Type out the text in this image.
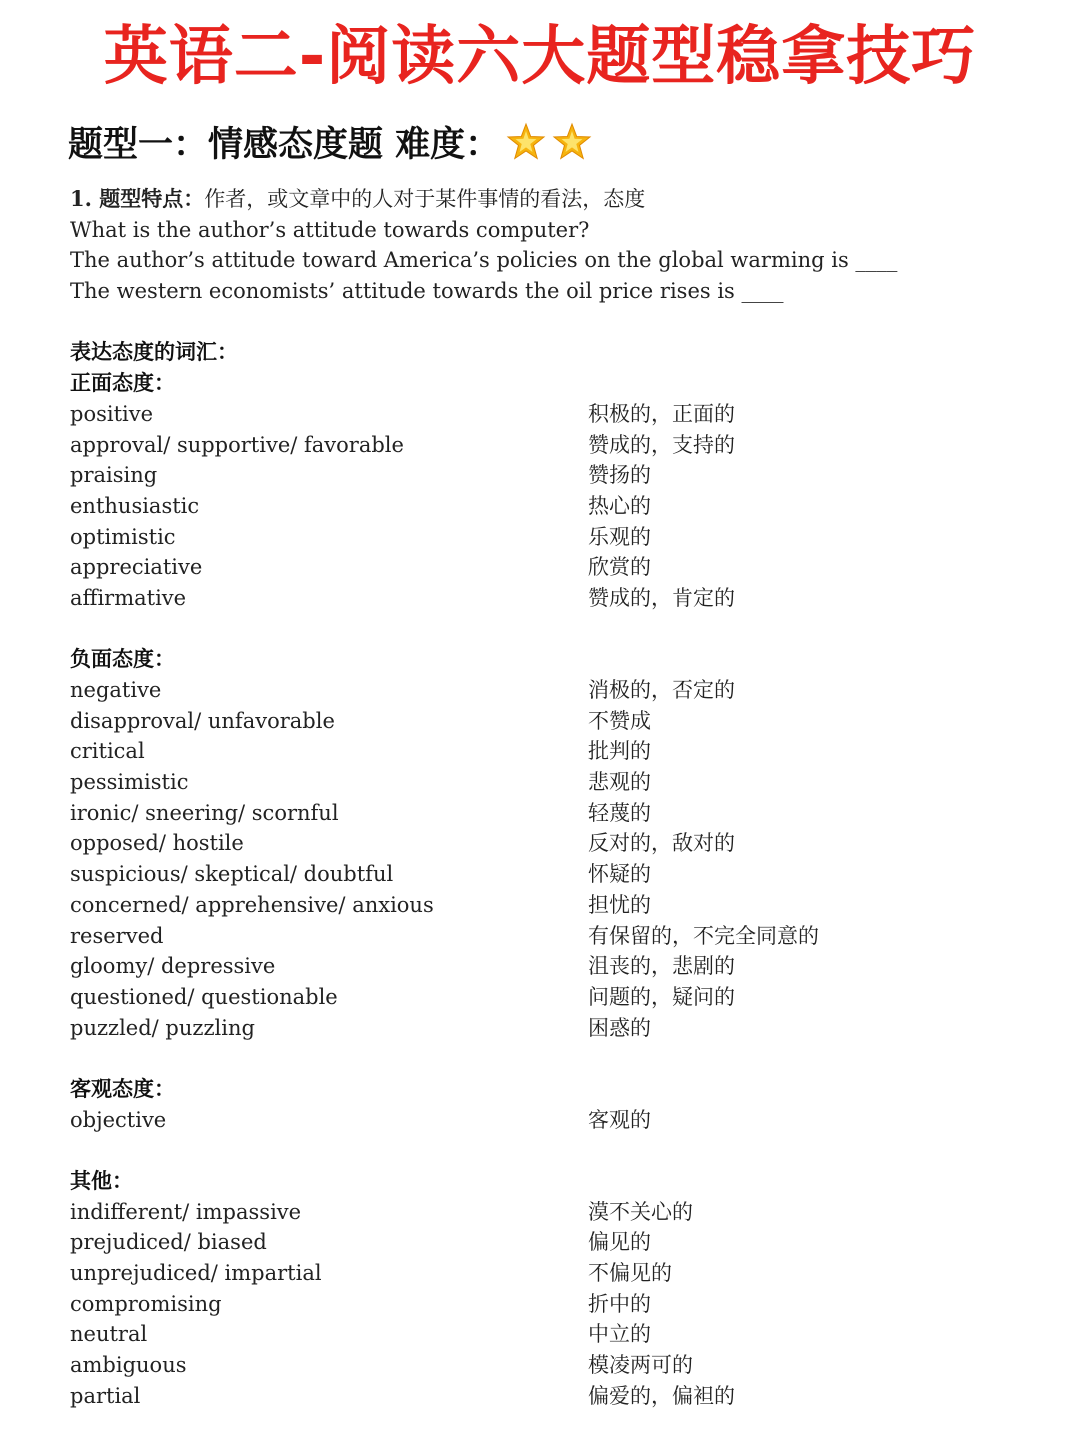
英语二-阅读六大题型稳拿技巧
题型一：情感态度题 难度：
1. 题型特点：作者，或文章中的人对于某件事情的看法，态度
What is the author’s attitude towards computer?
The author’s attitude toward America’s policies on the global warming is ____
The western economists’ attitude towards the oil price rises is ____
表达态度的词汇：
正面态度：
positive	积极的，正面的
approval/ supportive/ favorable	赞成的，支持的
praising	赞扬的
enthusiastic	热心的
optimistic	乐观的
appreciative	欣赏的
affirmative	赞成的，肯定的
负面态度：
negative	消极的，否定的
disapproval/ unfavorable	不赞成
critical	批判的
pessimistic	悲观的
ironic/ sneering/ scornful	轻蔑的
opposed/ hostile	反对的，敌对的
suspicious/ skeptical/ doubtful	怀疑的
concerned/ apprehensive/ anxious	担忧的
reserved	有保留的，不完全同意的
gloomy/ depressive	沮丧的，悲剧的
questioned/ questionable	问题的，疑问的
puzzled/ puzzling	困惑的
客观态度：
objective	客观的
其他：
indifferent/ impassive	漠不关心的
prejudiced/ biased	偏见的
unprejudiced/ impartial	不偏见的
compromising	折中的
neutral	中立的
ambiguous	模凌两可的
partial	偏爱的，偏袒的
